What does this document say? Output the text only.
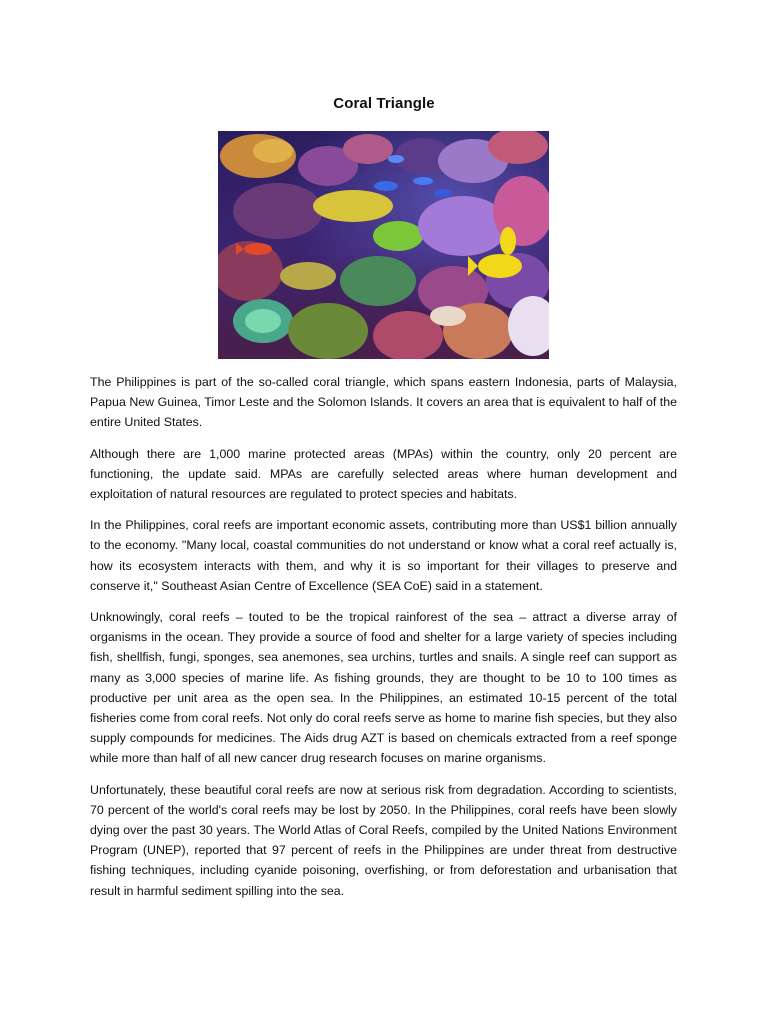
Coral Triangle

The Philippines is part of the so-called coral triangle, which spans eastern Indonesia, parts of Malaysia, Papua New Guinea, Timor Leste and the Solomon Islands. It covers an area that is equivalent to half of the entire United States.

Although there are 1,000 marine protected areas (MPAs) within the country, only 20 percent are functioning, the update said. MPAs are carefully selected areas where human development and exploitation of natural resources are regulated to protect species and habitats.

In the Philippines, coral reefs are important economic assets, contributing more than US$1 billion annually to the economy. "Many local, coastal communities do not understand or know what a coral reef actually is, how its ecosystem interacts with them, and why it is so important for their villages to preserve and conserve it," Southeast Asian Centre of Excellence (SEA CoE) said in a statement.

Unknowingly, coral reefs – touted to be the tropical rainforest of the sea – attract a diverse array of organisms in the ocean. They provide a source of food and shelter for a large variety of species including fish, shellfish, fungi, sponges, sea anemones, sea urchins, turtles and snails. A single reef can support as many as 3,000 species of marine life. As fishing grounds, they are thought to be 10 to 100 times as productive per unit area as the open sea. In the Philippines, an estimated 10-15 percent of the total fisheries come from coral reefs. Not only do coral reefs serve as home to marine fish species, but they also supply compounds for medicines. The Aids drug AZT is based on chemicals extracted from a reef sponge while more than half of all new cancer drug research focuses on marine organisms.

Unfortunately, these beautiful coral reefs are now at serious risk from degradation. According to scientists, 70 percent of the world's coral reefs may be lost by 2050. In the Philippines, coral reefs have been slowly dying over the past 30 years. The World Atlas of Coral Reefs, compiled by the United Nations Environment Program (UNEP), reported that 97 percent of reefs in the Philippines are under threat from destructive fishing techniques, including cyanide poisoning, overfishing, or from deforestation and urbanisation that result in harmful sediment spilling into the sea.
